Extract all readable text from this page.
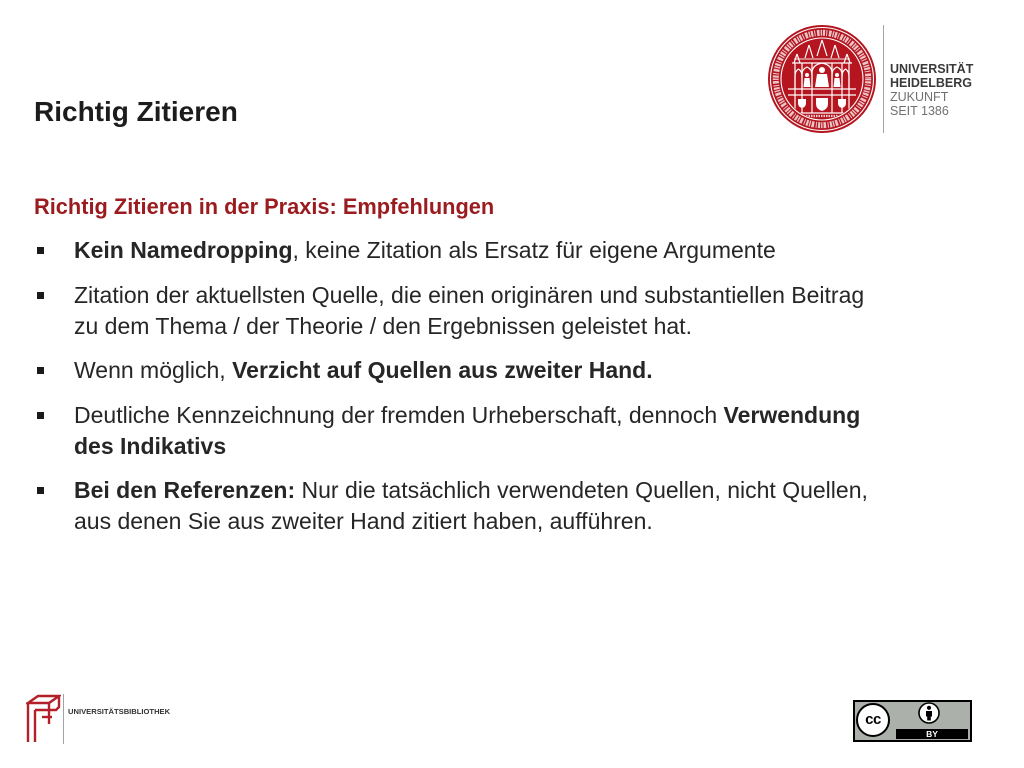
Richtig Zitieren
UNIVERSITÄT
HEIDELBERG
ZUKUNFT
SEIT 1386
Richtig Zitieren in der Praxis: Empfehlungen
Kein Namedropping, keine Zitation als Ersatz für eigene Argumente
Zitation der aktuellsten Quelle, die einen originären und substantiellen Beitrag zu dem Thema / der Theorie / den Ergebnissen geleistet hat.
Wenn möglich, Verzicht auf Quellen aus zweiter Hand.
Deutliche Kennzeichnung der fremden Urheberschaft, dennoch Verwendung des Indikativs
Bei den Referenzen: Nur die tatsächlich verwendeten Quellen, nicht Quellen, aus denen Sie aus zweiter Hand zitiert haben, aufführen.
UNIVERSITÄTSBIBLIOTHEK	cc
BY
